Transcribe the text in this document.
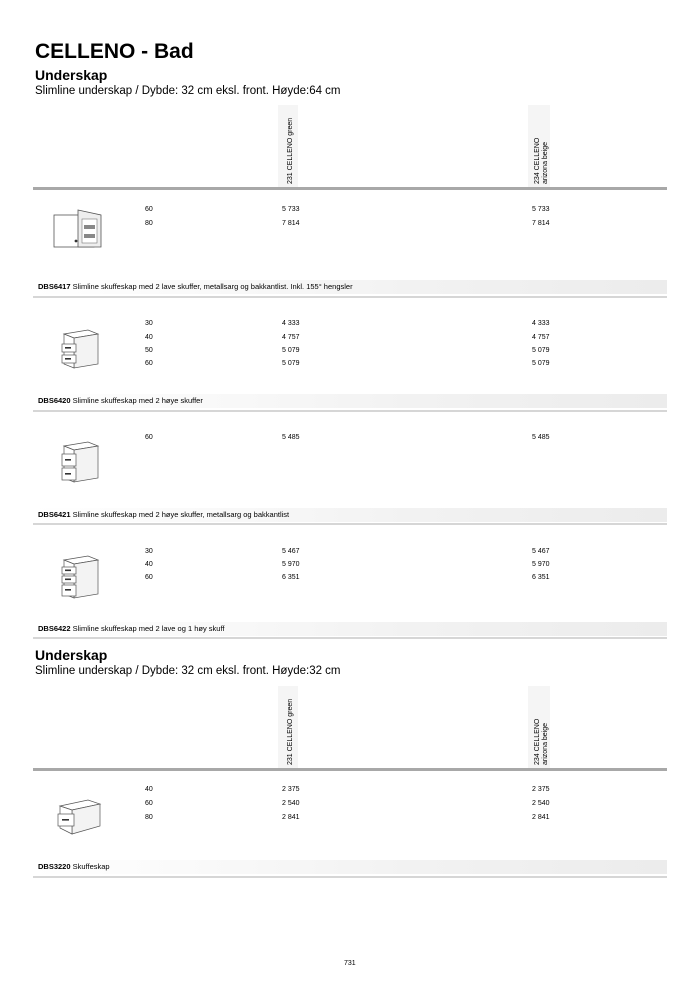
CELLENO - Bad
Underskap

Slimline underskap / Dybde: 32 cm eksl. front. Høyde:64 cm

231 CELLENO green	234 CELLENO arizona beige
60	5 733	5 733
80	7 814	7 814
DBS6417 Slimline skuffeskap med 2 lave skuffer, metallsarg og bakkantlist. Inkl. 155° hengsler
30	4 333	4 333
40	4 757	4 757
50	5 079	5 079
60	5 079	5 079
DBS6420 Slimline skuffeskap med 2 høye skuffer
60	5 485	5 485
DBS6421 Slimline skuffeskap med 2 høye skuffer, metallsarg og bakkantlist
30	5 467	5 467
40	5 970	5 970
60	6 351	6 351
DBS6422 Slimline skuffeskap med 2 lave og 1 høy skuff
Underskap

Slimline underskap / Dybde: 32 cm eksl. front. Høyde:32 cm

231 CELLENO green	234 CELLENO arizona beige
40	2 375	2 375
60	2 540	2 540
80	2 841	2 841
DBS3220 Skuffeskap
731
